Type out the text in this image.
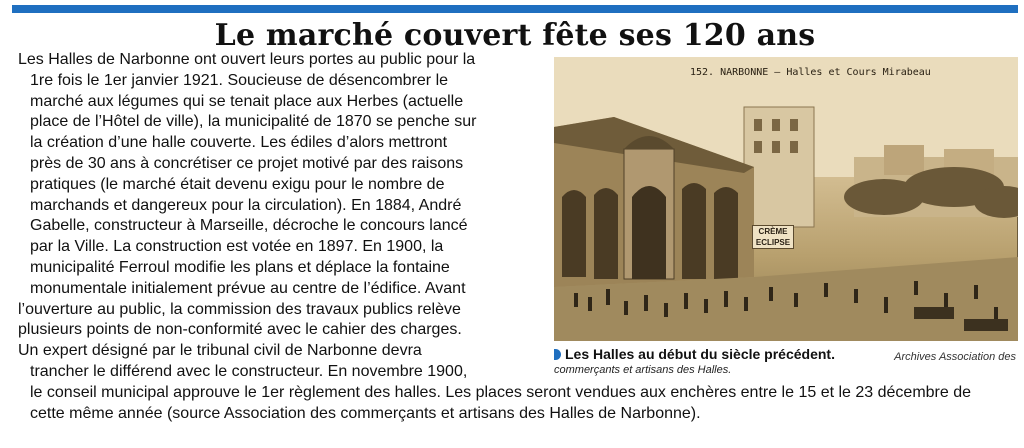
Le marché couvert fête ses 120 ans
Les Halles de Narbonne ont ouvert leurs portes au public pour la
1re fois le 1er janvier 1921. Soucieuse de désencombrer le
marché aux légumes qui se tenait place aux Herbes (actuelle
place de l’Hôtel de ville), la municipalité de 1870 se penche sur
la création d’une halle couverte. Les édiles d’alors mettront
près de 30 ans à concrétiser ce projet motivé par des raisons
pratiques (le marché était devenu exigu pour le nombre de
marchands et dangereux pour la circulation). En 1884, André
Gabelle, constructeur à Marseille, décroche le concours lancé
par la Ville. La construction est votée en 1897. En 1900, la
municipalité Ferroul modifie les plans et déplace la fontaine
monumentale initialement prévue au centre de l’édifice. Avant
l’ouverture au public, la commission des travaux publics relève
plusieurs points de non-conformité avec le cahier des charges.
Un expert désigné par le tribunal civil de Narbonne devra
trancher le différend avec le constructeur. En novembre 1900,
le conseil municipal approuve le 1er règlement des halles. Les places seront vendues aux enchères entre le 15 et le 23 décembre de
cette même année (source Association des commerçants et artisans des Halles de Narbonne).
152. NARBONNE — Halles et Cours Mirabeau
CRÈME
ECLIPSE
Les Halles au début du siècle précédent.	Archives Association des
commerçants et artisans des Halles.
